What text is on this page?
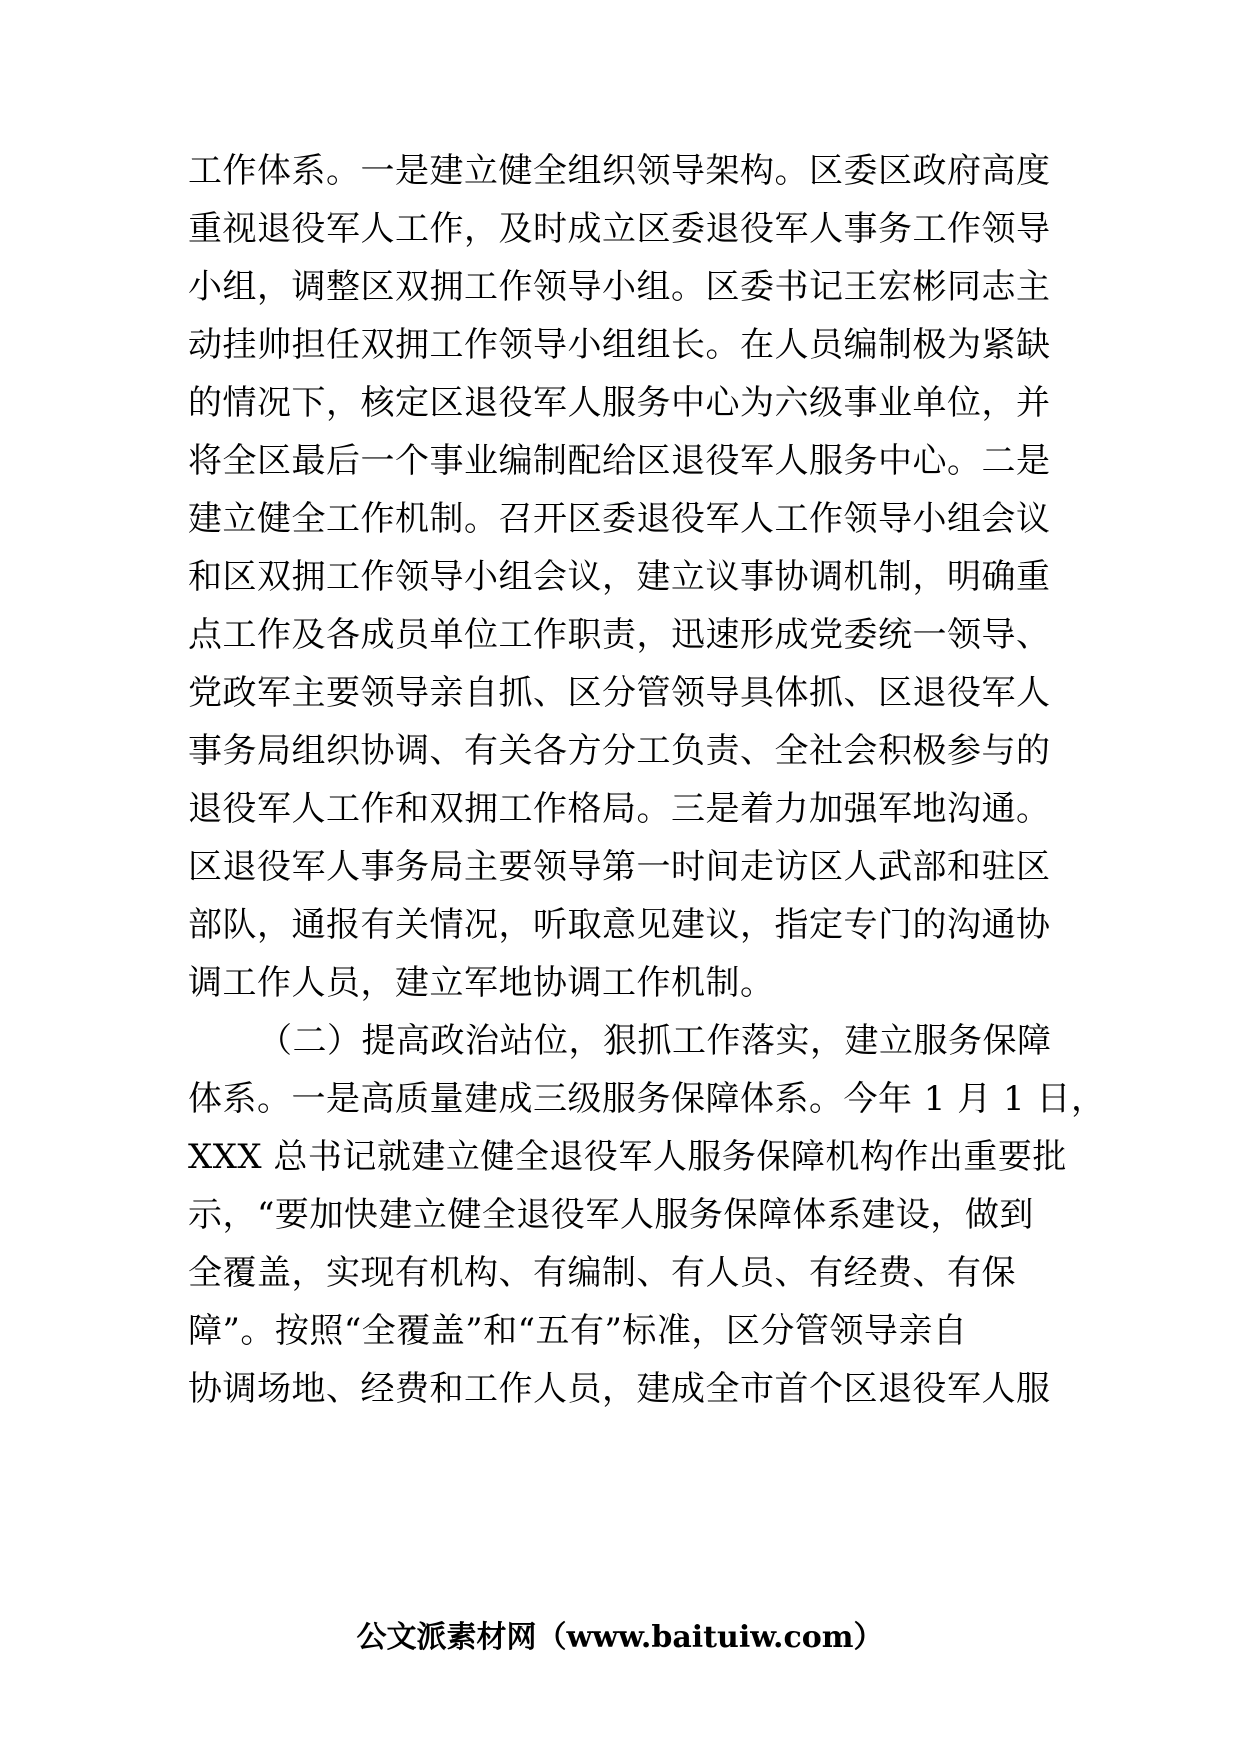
工作体系。一是建立健全组织领导架构。区委区政府高度
重视退役军人工作，及时成立区委退役军人事务工作领导
小组，调整区双拥工作领导小组。区委书记王宏彬同志主
动挂帅担任双拥工作领导小组组长。在人员编制极为紧缺
的情况下，核定区退役军人服务中心为六级事业单位，并
将全区最后一个事业编制配给区退役军人服务中心。二是
建立健全工作机制。召开区委退役军人工作领导小组会议
和区双拥工作领导小组会议，建立议事协调机制，明确重
点工作及各成员单位工作职责，迅速形成党委统一领导、
党政军主要领导亲自抓、区分管领导具体抓、区退役军人
事务局组织协调、有关各方分工负责、全社会积极参与的
退役军人工作和双拥工作格局。三是着力加强军地沟通。
区退役军人事务局主要领导第一时间走访区人武部和驻区
部队，通报有关情况，听取意见建议，指定专门的沟通协
调工作人员，建立军地协调工作机制。
（二）提高政治站位，狠抓工作落实，建立服务保障
体系。一是高质量建成三级服务保障体系。今年 1 月 1 日，
XXX 总书记就建立健全退役军人服务保障机构作出重要批
示，“要加快建立健全退役军人服务保障体系建设，做到
全覆盖，实现有机构、有编制、有人员、有经费、有保
障”。按照“全覆盖”和“五有”标准，区分管领导亲自
协调场地、经费和工作人员，建成全市首个区退役军人服
公文派素材网（www.baituiw.com）
